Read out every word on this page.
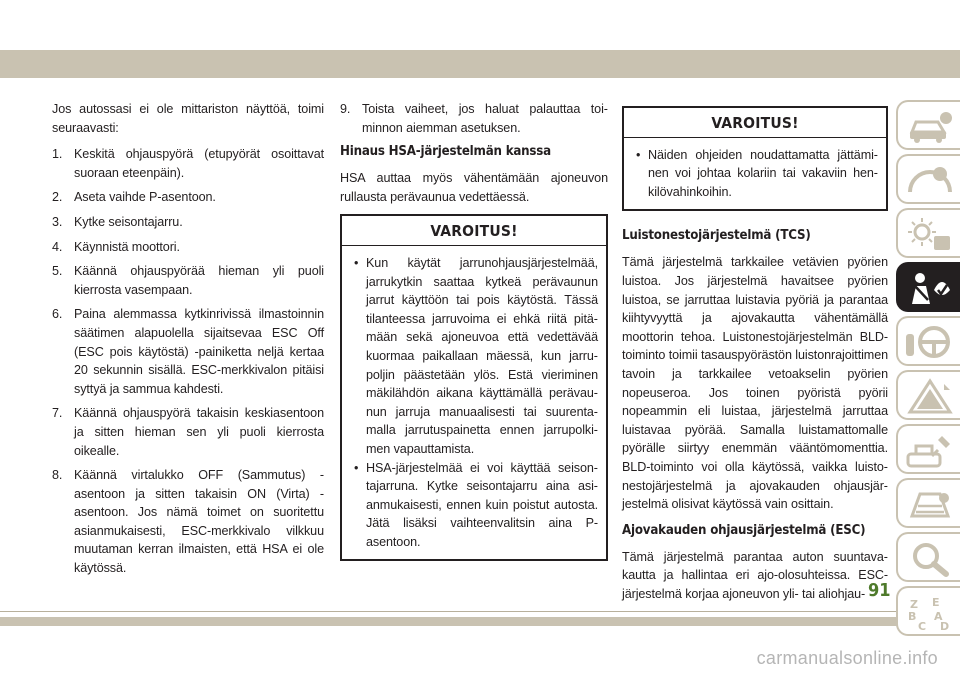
Jos autossasi ei ole mittariston näyttöä, toimi seuraavasti:

1. Keskitä ohjauspyörä (etupyörät osoittavat suoraan eteenpäin).
2. Aseta vaihde P-asentoon.
3. Kytke seisontajarru.
4. Käynnistä moottori.
5. Käännä ohjauspyörää hieman yli puoli kierrosta vasempaan.
6. Paina alemmassa kytkinrivissä ilmastoinnin säätimen alapuolella sijaitsevaa ESC Off (ESC pois käytöstä) -painiketta neljä kertaa 20 sekunnin sisällä. ESC-merkkivalon pitäisi syttyä ja sammua kahdesti.
7. Käännä ohjauspyörä takaisin keskiasentoon ja sitten hieman sen yli puoli kierrosta oikealle.
8. Käännä virtalukko OFF (Sammutus) -asentoon ja sitten takaisin ON (Virta) -asentoon. Jos nämä toimet on suoritettu asianmukaisesti, ESC-merkkivalo vilkkuu muutaman kerran ilmaisten, että HSA ei ole käytössä.
9. Toista vaiheet, jos haluat palauttaa toiminnon aiemman asetuksen.
Hinaus HSA-järjestelmän kanssa

HSA auttaa myös vähentämään ajoneuvon rullausta perävaunua vedettäessä.

VAROITUS!
• Kun käytät jarrunohjausjärjestelmää, jarrukytkin saattaa kytkeä perävaunun jarrut käyttöön tai pois käytöstä. Tässä tilanteessa jarruvoima ei ehkä riitä pitämään sekä ajoneuvoa että vedettävää kuormaa paikallaan mäessä, kun jarrupoljin päästetään ylös. Estä vieriminen mäkilähdön aikana käyttämällä perävaunun jarruja manuaalisesti tai suurentamalla jarrutuspainetta ennen jarrupolkimen vapauttamista.
• HSA-järjestelmää ei voi käyttää seisontajarruna. Kytke seisontajarru aina asianmukaisesti, ennen kuin poistut autosta. Jätä lisäksi vaihteenvalitsin aina P-asentoon.
VAROITUS!
• Näiden ohjeiden noudattamatta jättäminen voi johtaa kolariin tai vakaviin henkilövahinkoihin.
Luistonestojärjestelmä (TCS)

Tämä järjestelmä tarkkailee vetävien pyörien luistoa. Jos järjestelmä havaitsee pyörien luistoa, se jarruttaa luistavia pyöriä ja parantaa kiihtyvyyttä ja ajovakautta vähentämällä moottorin tehoa. Luistonestojärjestelmän BLD-toiminto toimii tasauspyörästön luistonrajoittimen tavoin ja tarkkailee vetoakselin pyörien nopeuseroa. Jos toinen pyöristä pyörii nopeammin eli luistaa, järjestelmä jarruttaa luistavaa pyörää. Samalla luistamattomalle pyörälle siirtyy enemmän vääntömomenttia. BLD-toiminto voi olla käytössä, vaikka luistonestojärjestelmä ja ajovakauden ohjausjärjestelmä olisivat käytössä vain osittain.

Ajovakauden ohjausjärjestelmä (ESC)

Tämä järjestelmä parantaa auton suuntavakautta ja hallintaa eri ajo-olosuhteissa. ESC-järjestelmä korjaa ajoneuvon yli- tai aliohjau-

Z E
B A
C D
91
carmanualsonline.info
